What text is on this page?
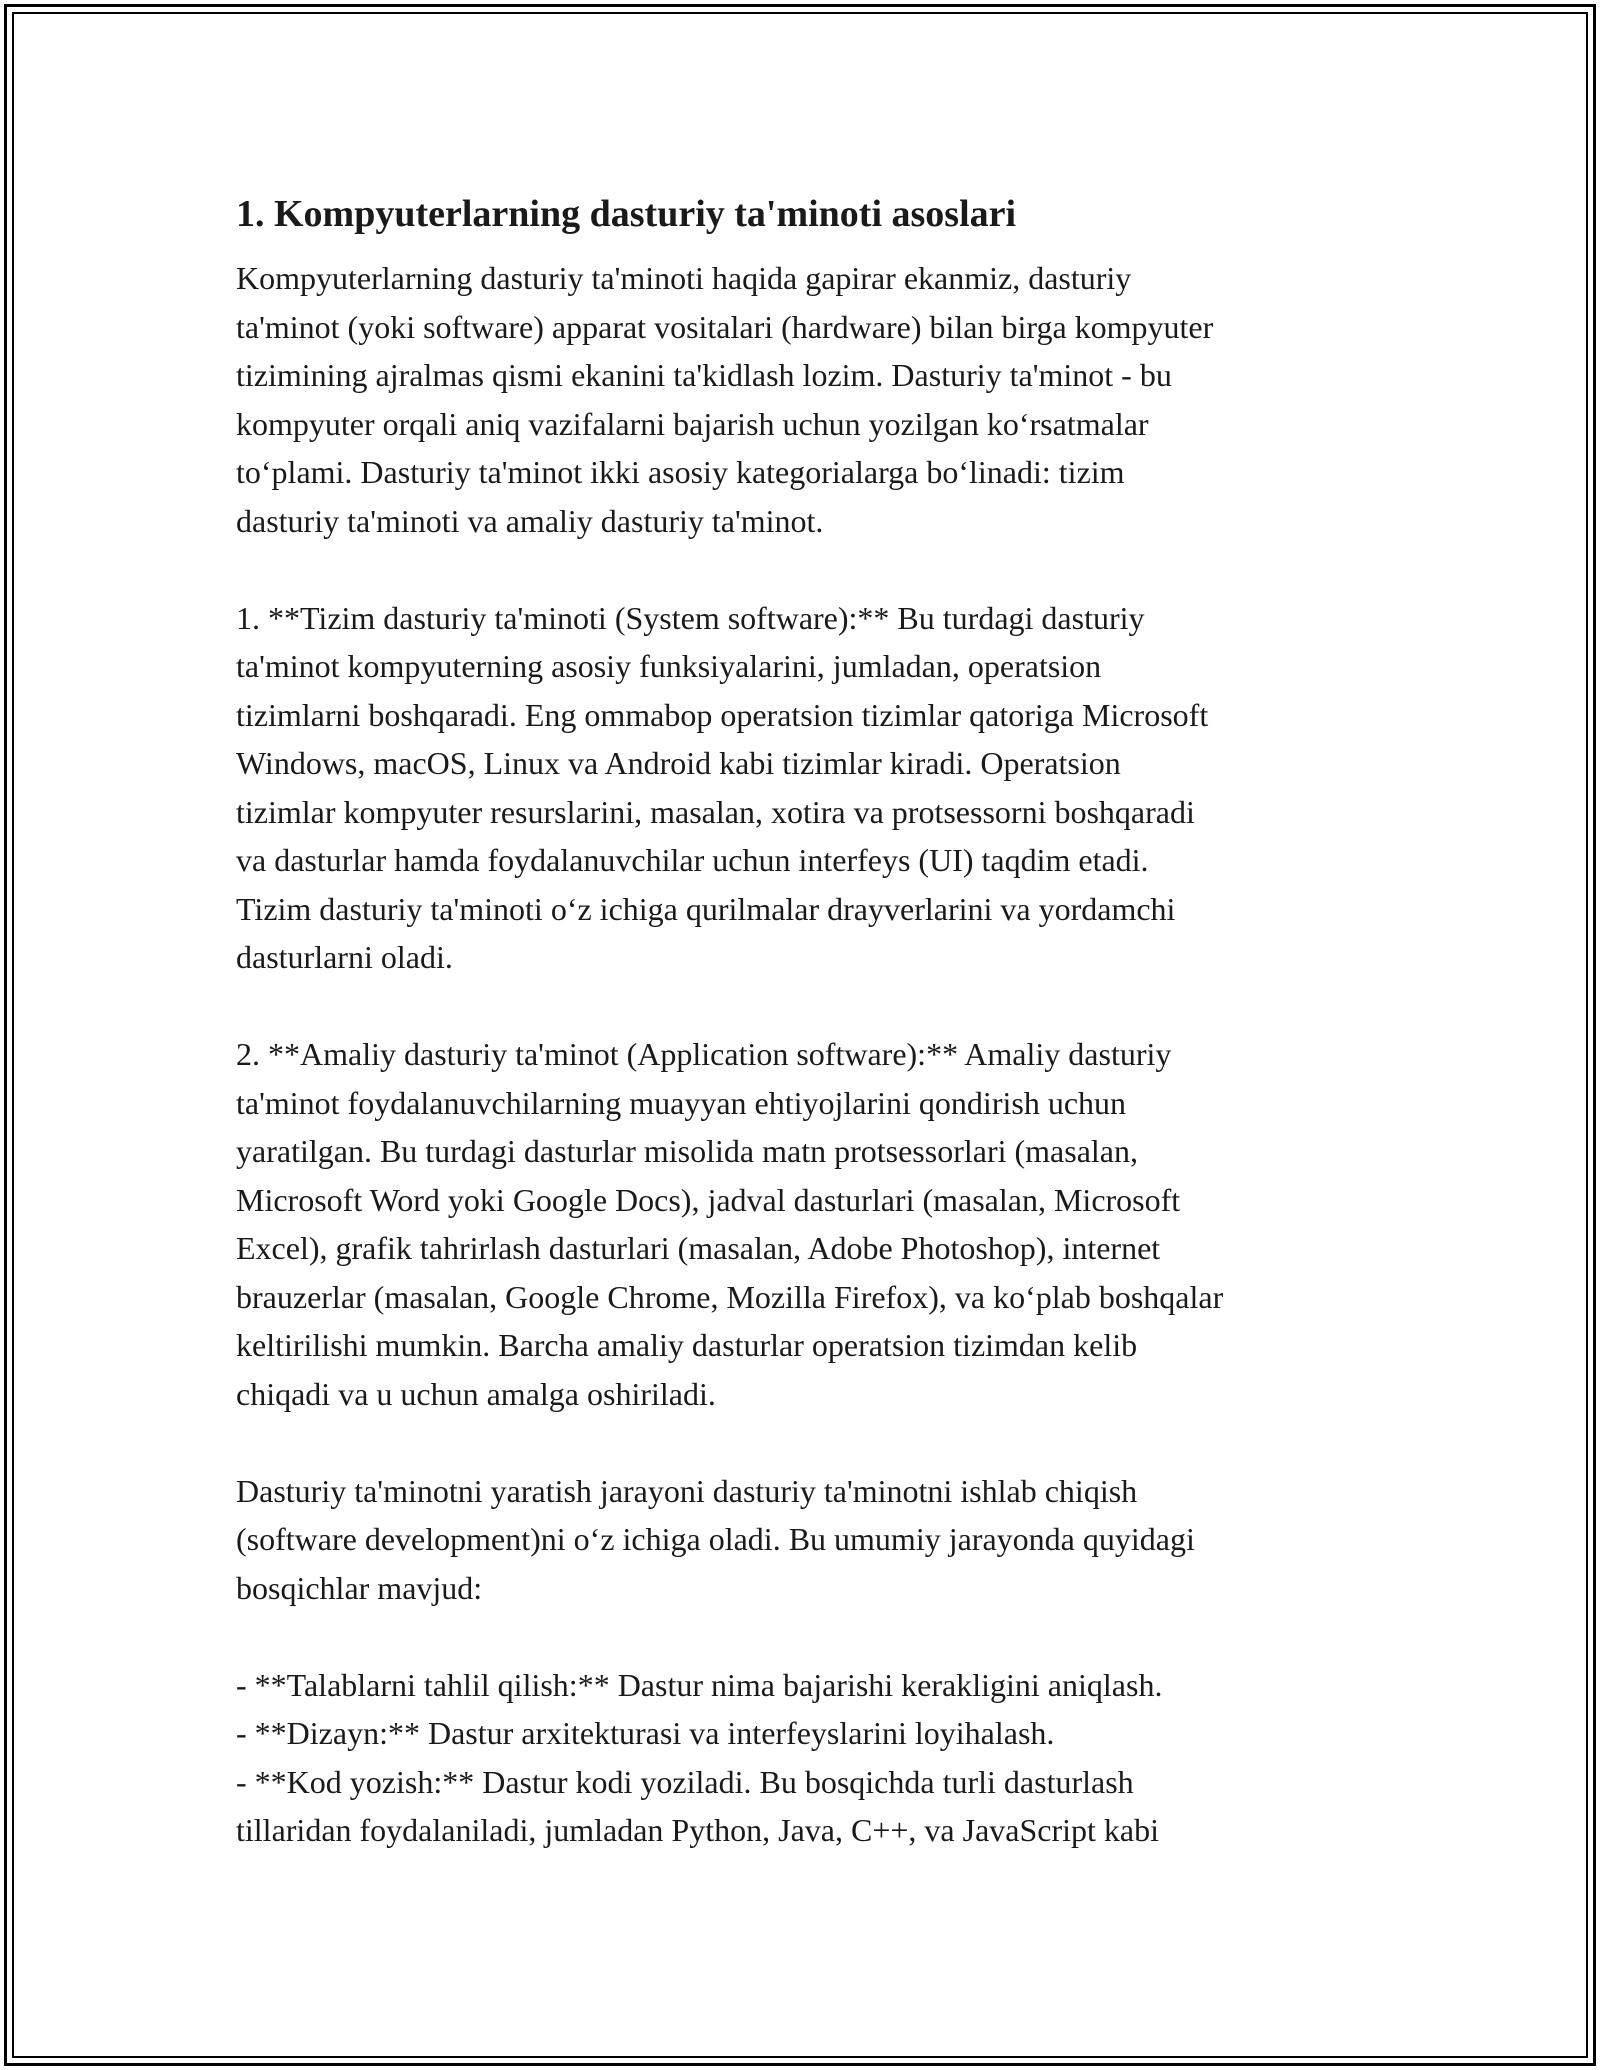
1. Kompyuterlarning dasturiy ta'minoti asoslari

Kompyuterlarning dasturiy ta'minoti haqida gapirar ekanmiz, dasturiy
ta'minot (yoki software) apparat vositalari (hardware) bilan birga kompyuter
tizimining ajralmas qismi ekanini ta'kidlash lozim. Dasturiy ta'minot - bu
kompyuter orqali aniq vazifalarni bajarish uchun yozilgan ko‘rsatmalar
to‘plami. Dasturiy ta'minot ikki asosiy kategorialarga bo‘linadi: tizim
dasturiy ta'minoti va amaliy dasturiy ta'minot.

1. **Tizim dasturiy ta'minoti (System software):** Bu turdagi dasturiy
ta'minot kompyuterning asosiy funksiyalarini, jumladan, operatsion
tizimlarni boshqaradi. Eng ommabop operatsion tizimlar qatoriga Microsoft
Windows, macOS, Linux va Android kabi tizimlar kiradi. Operatsion
tizimlar kompyuter resurslarini, masalan, xotira va protsessorni boshqaradi
va dasturlar hamda foydalanuvchilar uchun interfeys (UI) taqdim etadi.
Tizim dasturiy ta'minoti o‘z ichiga qurilmalar drayverlarini va yordamchi
dasturlarni oladi.

2. **Amaliy dasturiy ta'minot (Application software):** Amaliy dasturiy
ta'minot foydalanuvchilarning muayyan ehtiyojlarini qondirish uchun
yaratilgan. Bu turdagi dasturlar misolida matn protsessorlari (masalan,
Microsoft Word yoki Google Docs), jadval dasturlari (masalan, Microsoft
Excel), grafik tahrirlash dasturlari (masalan, Adobe Photoshop), internet
brauzerlar (masalan, Google Chrome, Mozilla Firefox), va ko‘plab boshqalar
keltirilishi mumkin. Barcha amaliy dasturlar operatsion tizimdan kelib
chiqadi va u uchun amalga oshiriladi.

Dasturiy ta'minotni yaratish jarayoni dasturiy ta'minotni ishlab chiqish
(software development)ni o‘z ichiga oladi. Bu umumiy jarayonda quyidagi
bosqichlar mavjud:

- **Talablarni tahlil qilish:** Dastur nima bajarishi kerakligini aniqlash.
- **Dizayn:** Dastur arxitekturasi va interfeyslarini loyihalash.
- **Kod yozish:** Dastur kodi yoziladi. Bu bosqichda turli dasturlash
tillaridan foydalaniladi, jumladan Python, Java, C++, va JavaScript kabi
